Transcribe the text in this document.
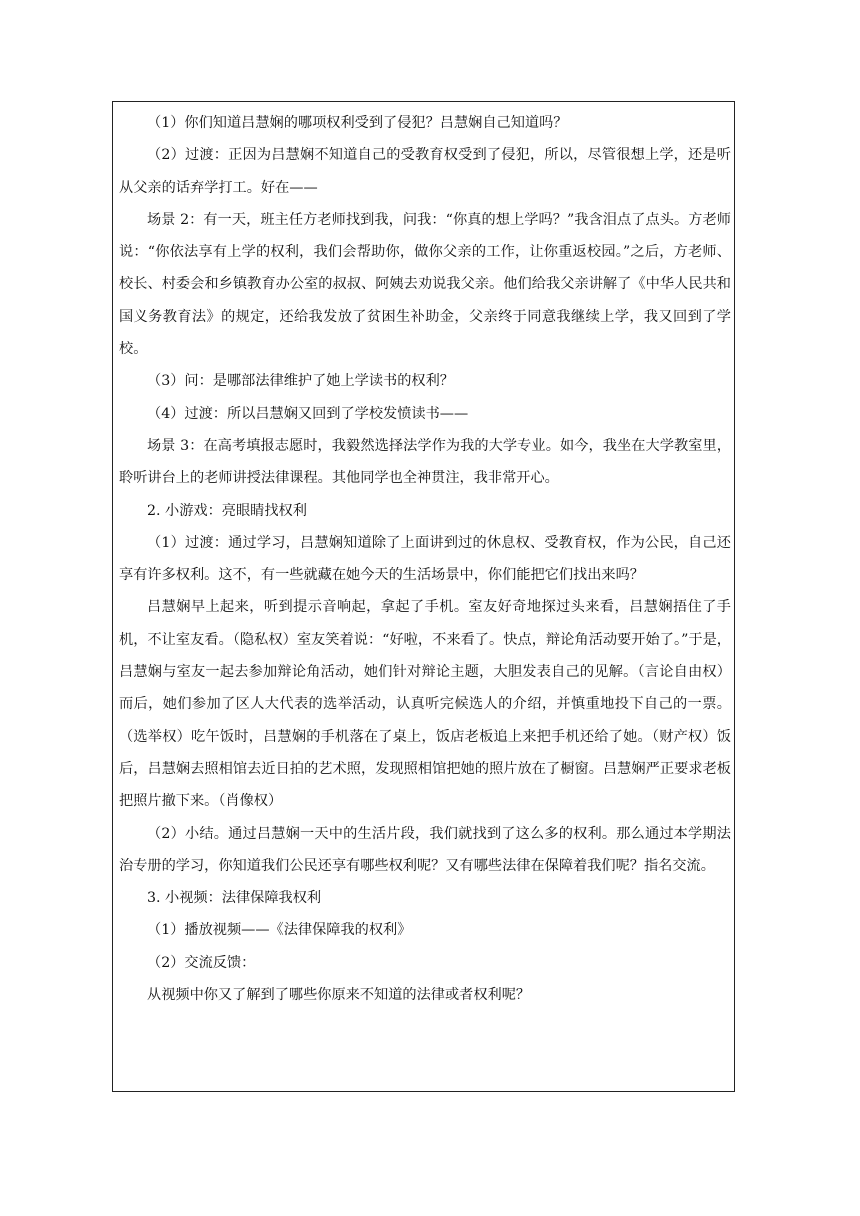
（1）你们知道吕慧娴的哪项权利受到了侵犯？吕慧娴自己知道吗？

（2）过渡：正因为吕慧娴不知道自己的受教育权受到了侵犯，所以，尽管很想上学，还是听从父亲的话弃学打工。好在——

场景 2：有一天，班主任方老师找到我，问我：“你真的想上学吗？”我含泪点了点头。方老师说：“你依法享有上学的权利，我们会帮助你，做你父亲的工作，让你重返校园。”之后，方老师、校长、村委会和乡镇教育办公室的叔叔、阿姨去劝说我父亲。他们给我父亲讲解了《中华人民共和国义务教育法》的规定，还给我发放了贫困生补助金，父亲终于同意我继续上学，我又回到了学校。

（3）问：是哪部法律维护了她上学读书的权利？

（4）过渡：所以吕慧娴又回到了学校发愤读书——

场景 3：在高考填报志愿时，我毅然选择法学作为我的大学专业。如今，我坐在大学教室里，聆听讲台上的老师讲授法律课程。其他同学也全神贯注，我非常开心。

2. 小游戏：亮眼睛找权利

（1）过渡：通过学习，吕慧娴知道除了上面讲到过的休息权、受教育权，作为公民，自己还享有许多权利。这不，有一些就藏在她今天的生活场景中，你们能把它们找出来吗？

吕慧娴早上起来，听到提示音响起，拿起了手机。室友好奇地探过头来看，吕慧娴捂住了手机，不让室友看。（隐私权）室友笑着说：“好啦，不来看了。快点，辩论角活动要开始了。”于是，吕慧娴与室友一起去参加辩论角活动，她们针对辩论主题，大胆发表自己的见解。（言论自由权）而后，她们参加了区人大代表的选举活动，认真听完候选人的介绍，并慎重地投下自己的一票。（选举权）吃午饭时，吕慧娴的手机落在了桌上，饭店老板追上来把手机还给了她。（财产权）饭后，吕慧娴去照相馆去近日拍的艺术照，发现照相馆把她的照片放在了橱窗。吕慧娴严正要求老板把照片撤下来。（肖像权）

（2）小结。通过吕慧娴一天中的生活片段，我们就找到了这么多的权利。那么通过本学期法治专册的学习，你知道我们公民还享有哪些权利呢？又有哪些法律在保障着我们呢？指名交流。

3. 小视频：法律保障我权利

（1）播放视频——《法律保障我的权利》

（2）交流反馈：

从视频中你又了解到了哪些你原来不知道的法律或者权利呢？
